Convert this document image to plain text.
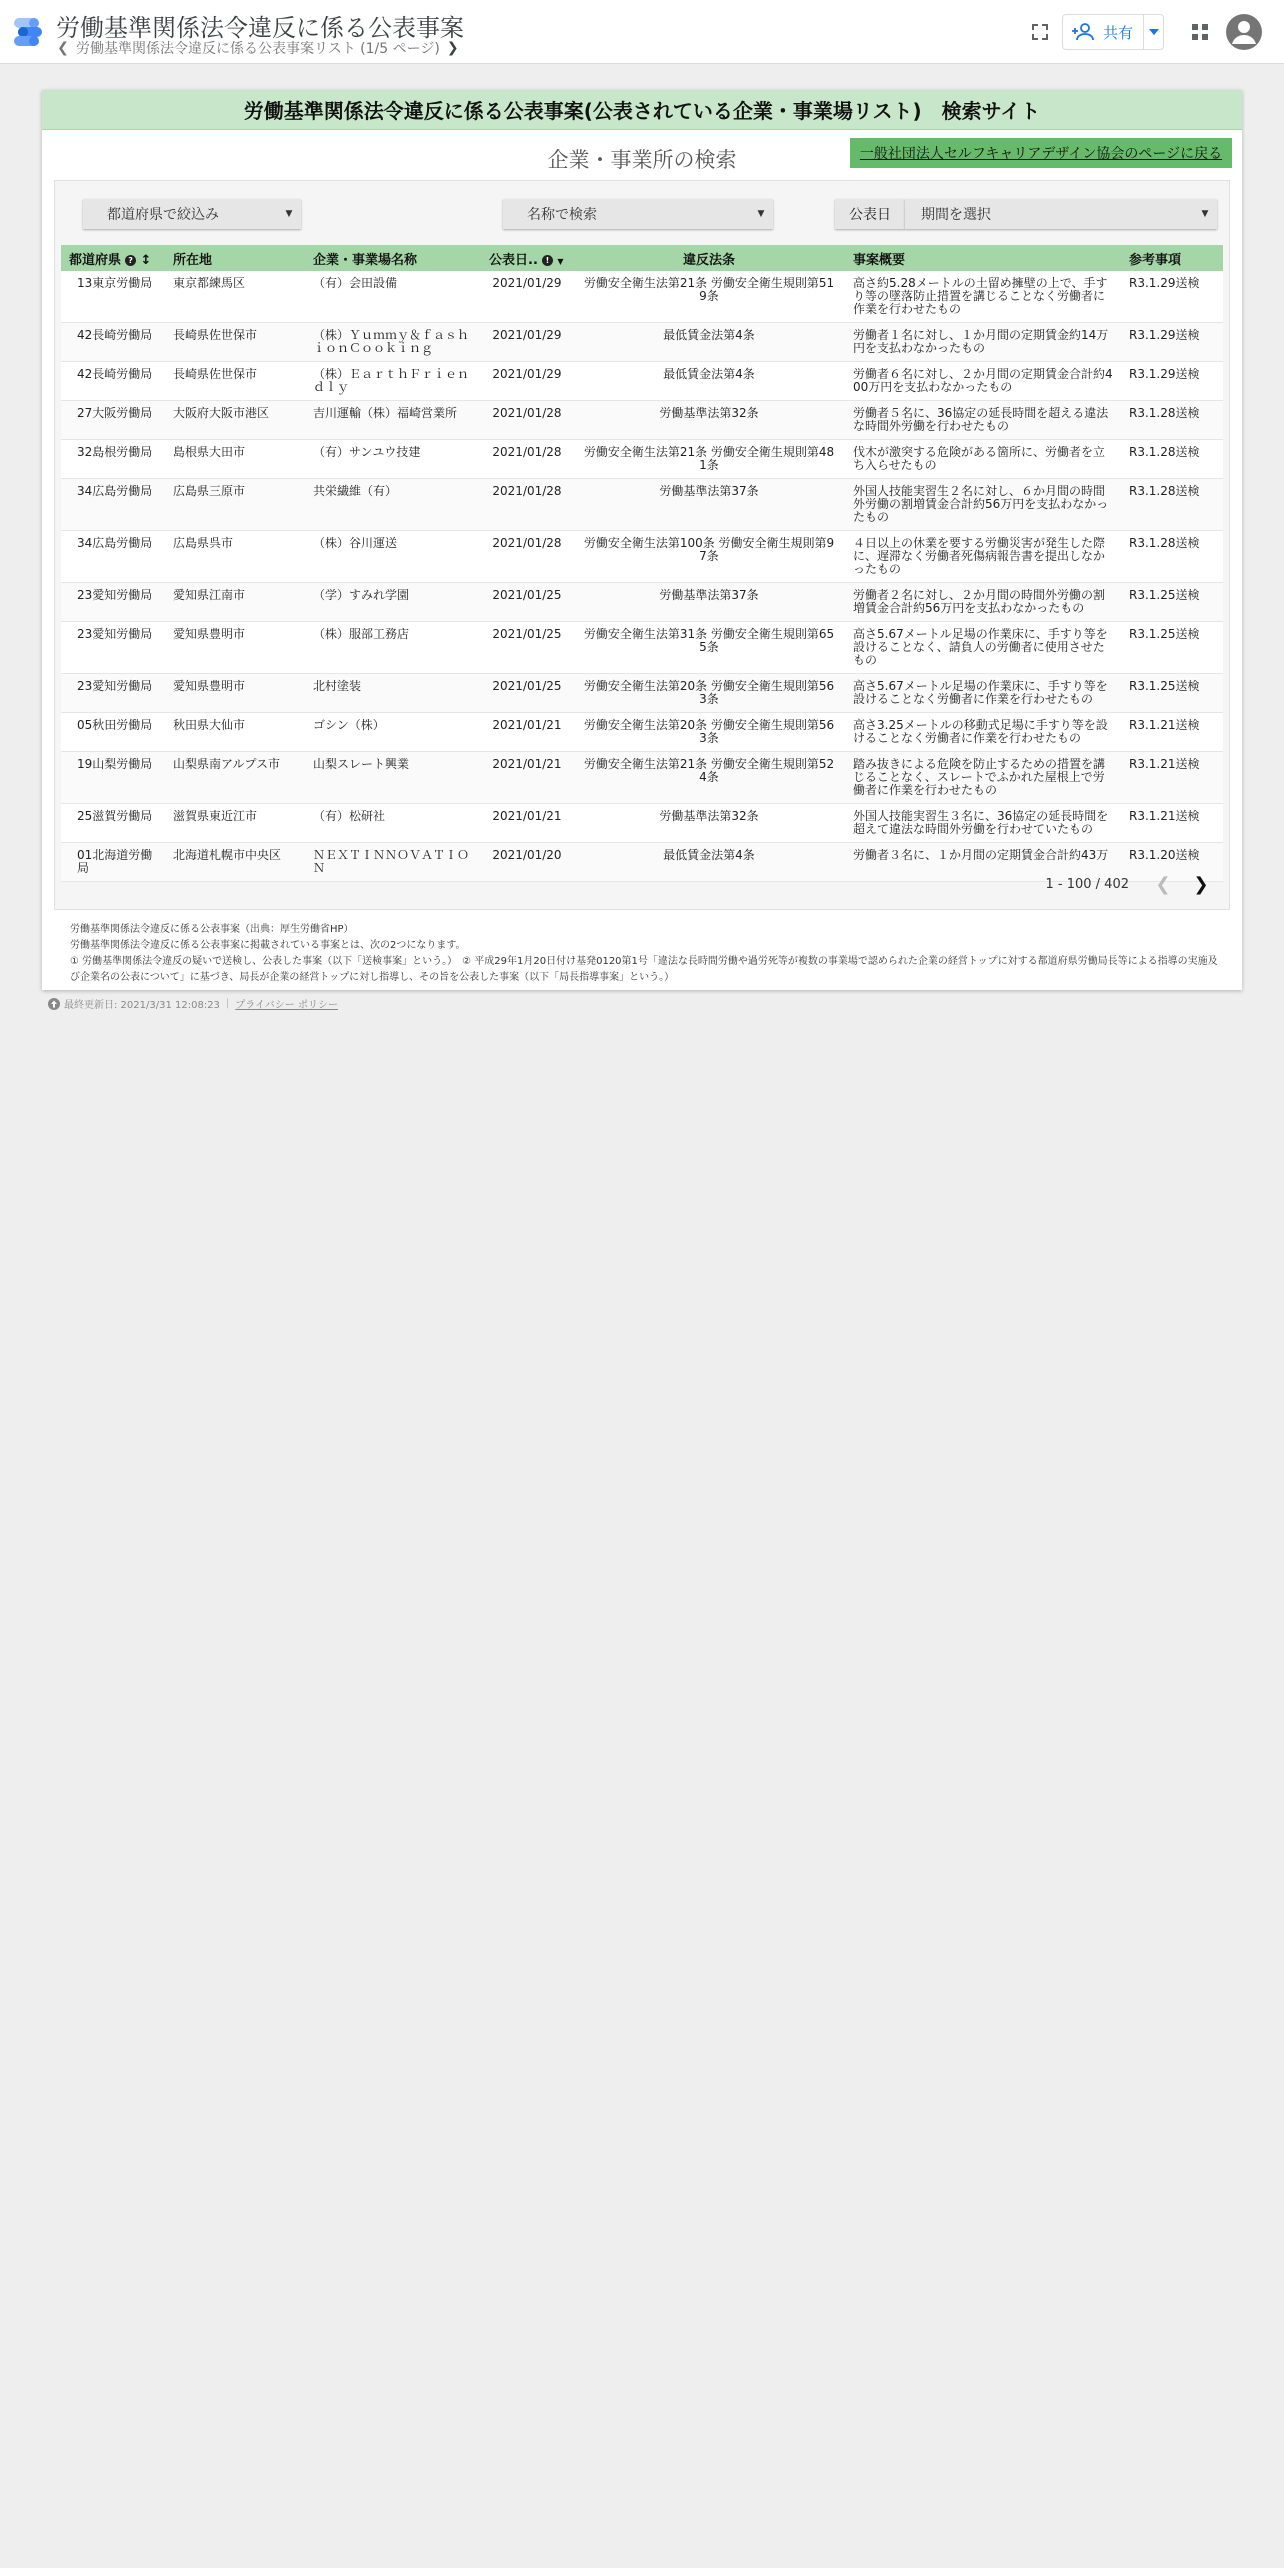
労働基準関係法令違反に係る公表事案
❮ 労働基準関係法令違反に係る公表事案リスト (1/5 ページ) ❯
共有
労働基準関係法令違反に係る公表事案(公表されている企業・事業場リスト)　検索サイト
企業・事業所の検索	一般社団法人セルフキャリアデザイン協会のページに戻る
都道府県で絞込み	▼	名称で検索	▼	公表日	期間を選択	▼
都道府県 ? ↕	所在地	企業・事業場名称	公表日.. ! ▼	違反法条	事案概要	参考事項
13東京労働局	東京都練馬区	（有）会田設備	2021/01/29	労働安全衛生法第21条 労働安全衛生規則第519条	高さ約5.28メートルの土留め擁壁の上で、手すり等の墜落防止措置を講じることなく労働者に作業を行わせたもの	R3.1.29送検
42長崎労働局	長崎県佐世保市	（株）Ｙｕｍｍｙ＆ｆａｓｈｉｏｎＣｏｏｋｉｎｇ	2021/01/29	最低賃金法第4条	労働者１名に対し、１か月間の定期賃金約14万円を支払わなかったもの	R3.1.29送検
42長崎労働局	長崎県佐世保市	（株）ＥａｒｔｈＦｒｉｅｎｄｌｙ	2021/01/29	最低賃金法第4条	労働者６名に対し、２か月間の定期賃金合計約400万円を支払わなかったもの	R3.1.29送検
27大阪労働局	大阪府大阪市港区	吉川運輸（株）福崎営業所	2021/01/28	労働基準法第32条	労働者５名に、36協定の延長時間を超える違法な時間外労働を行わせたもの	R3.1.28送検
32島根労働局	島根県大田市	（有）サンユウ技建	2021/01/28	労働安全衛生法第21条 労働安全衛生規則第481条	伐木が激突する危険がある箇所に、労働者を立ち入らせたもの	R3.1.28送検
34広島労働局	広島県三原市	共栄繊維（有）	2021/01/28	労働基準法第37条	外国人技能実習生２名に対し、６か月間の時間外労働の割増賃金合計約56万円を支払わなかったもの	R3.1.28送検
34広島労働局	広島県呉市	（株）谷川運送	2021/01/28	労働安全衛生法第100条 労働安全衛生規則第97条	４日以上の休業を要する労働災害が発生した際に、遅滞なく労働者死傷病報告書を提出しなかったもの	R3.1.28送検
23愛知労働局	愛知県江南市	（学）すみれ学園	2021/01/25	労働基準法第37条	労働者２名に対し、２か月間の時間外労働の割増賃金合計約56万円を支払わなかったもの	R3.1.25送検
23愛知労働局	愛知県豊明市	（株）服部工務店	2021/01/25	労働安全衛生法第31条 労働安全衛生規則第655条	高さ5.67メートル足場の作業床に、手すり等を設けることなく、請負人の労働者に使用させたもの	R3.1.25送検
23愛知労働局	愛知県豊明市	北村塗装	2021/01/25	労働安全衛生法第20条 労働安全衛生規則第563条	高さ5.67メートル足場の作業床に、手すり等を設けることなく労働者に作業を行わせたもの	R3.1.25送検
05秋田労働局	秋田県大仙市	ゴシン（株）	2021/01/21	労働安全衛生法第20条 労働安全衛生規則第563条	高さ3.25メートルの移動式足場に手すり等を設けることなく労働者に作業を行わせたもの	R3.1.21送検
19山梨労働局	山梨県南アルプス市	山梨スレート興業	2021/01/21	労働安全衛生法第21条 労働安全衛生規則第524条	踏み抜きによる危険を防止するための措置を講じることなく、スレートでふかれた屋根上で労働者に作業を行わせたもの	R3.1.21送検
25滋賀労働局	滋賀県東近江市	（有）松研社	2021/01/21	労働基準法第32条	外国人技能実習生３名に、36協定の延長時間を超えて違法な時間外労働を行わせていたもの	R3.1.21送検
01北海道労働局	北海道札幌市中央区	ＮＥＸＴＩＮＮＯＶＡＴＩＯＮ	2021/01/20	最低賃金法第4条	労働者３名に、１か月間の定期賃金合計約43万	R3.1.20送検
1 - 100 / 402 ❮ ❯
労働基準関係法令違反に係る公表事案（出典：厚生労働省HP）
労働基準関係法令違反に係る公表事案に掲載されている事案とは、次の2つになります。
① 労働基準関係法令違反の疑いで送検し、公表した事案（以下「送検事案」という。）　② 平成29年1月20日付け基発0120第1号「違法な長時間労働や過労死等が複数の事業場で認められた企業の経営トップに対する都道府県労働局長等による指導の実施及び企業名の公表について」に基づき、局長が企業の経営トップに対し指導し、その旨を公表した事案（以下「局長指導事案」という。）
最終更新日: 2021/3/31 12:08:23 | プライバシー ポリシー
